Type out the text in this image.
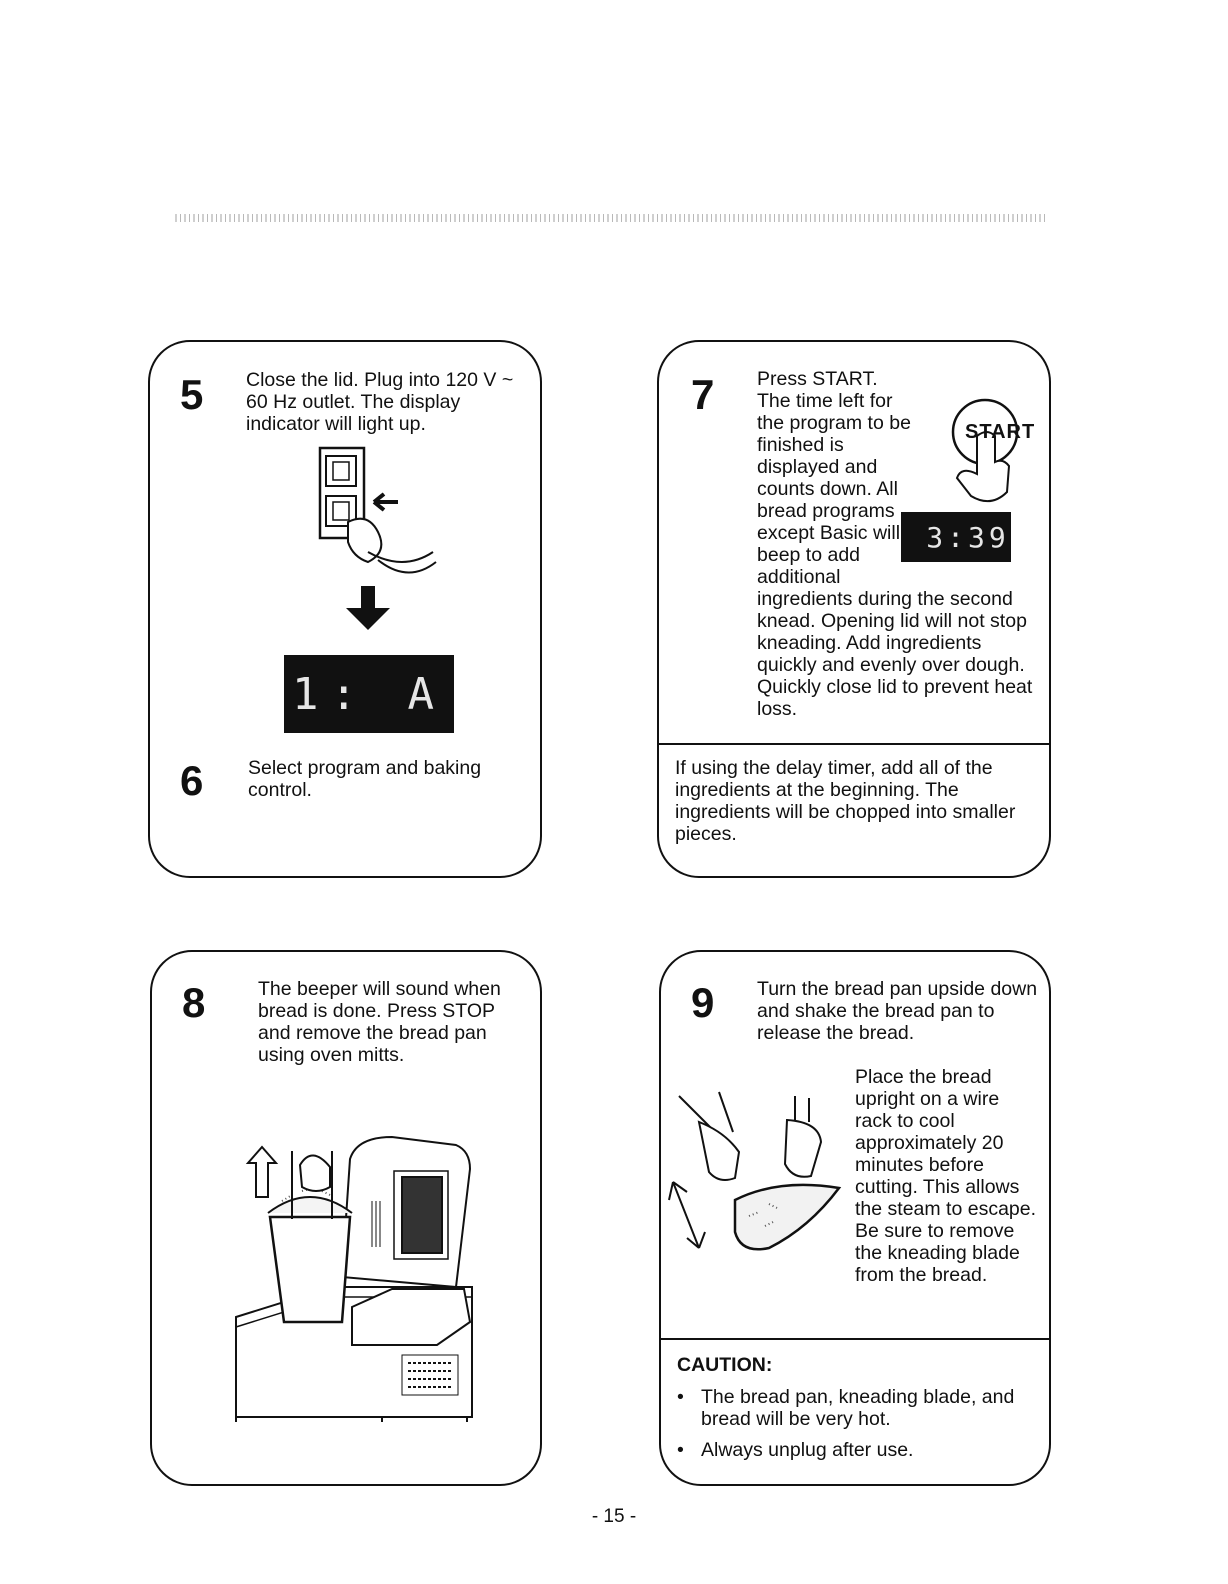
5 Close the lid. Plug into 120 V ~ 60 Hz outlet. The display indicator will light up.

1: A
6 Select program and baking control.

7 Press START. The time left for the program to be finished is displayed and counts down. All bread programs except Basic will beep to add additional ingredients during the second knead. Opening lid will not stop kneading. Add ingredients quickly and evenly over dough. Quickly close lid to prevent heat loss.

START
3:39

If using the delay timer, add all of the ingredients at the beginning. The ingredients will be chopped into smaller pieces.

8	The beeper will sound when bread is done. Press STOP and remove the bread pan using oven mitts.

9 Turn the bread pan upside down and shake the bread pan to release the bread.

Place the bread upright on a wire rack to cool approximately 20 minutes before cutting. This allows the steam to escape. Be sure to remove the kneading blade from the bread.

CAUTION:
• The bread pan, kneading blade, and bread will be very hot.
• Always unplug after use.
- 15 -
